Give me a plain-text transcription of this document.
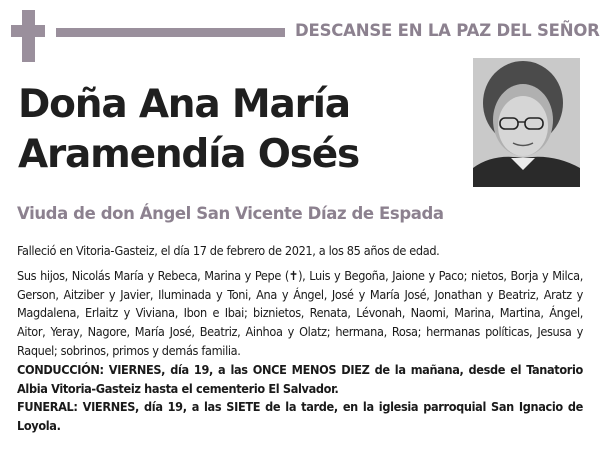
DESCANSE EN LA PAZ DEL SEÑOR
Doña Ana María
Aramendía Osés
Viuda de don Ángel San Vicente Díaz de Espada

Falleció en Vitoria-Gasteiz, el día 17 de febrero de 2021, a los 85 años de edad.

Sus hijos, Nicolás María y Rebeca, Marina y Pepe (✝), Luis y Begoña, Jaione y Paco; nietos, Borja y Milca, Gerson, Aitziber y Javier, Iluminada y Toni, Ana y Ángel, José y María José, Jonathan y Beatriz, Aratz y Magdalena, Erlaitz y Viviana, Ibon e Ibai; biznietos, Renata, Lévonah, Naomi, Marina, Martina, Ángel, Aitor, Yeray, Nagore, María José, Beatriz, Ainhoa y Olatz; hermana, Rosa; hermanas políticas, Jesusa y Raquel; sobrinos, primos y demás familia.

CONDUCCIÓN: VIERNES, día 19, a las ONCE MENOS DIEZ de la mañana, desde el Tanatorio Albia Vitoria-Gasteiz hasta el cementerio El Salvador.

FUNERAL: VIERNES, día 19, a las SIETE de la tarde, en la iglesia parroquial San Ignacio de Loyola.
